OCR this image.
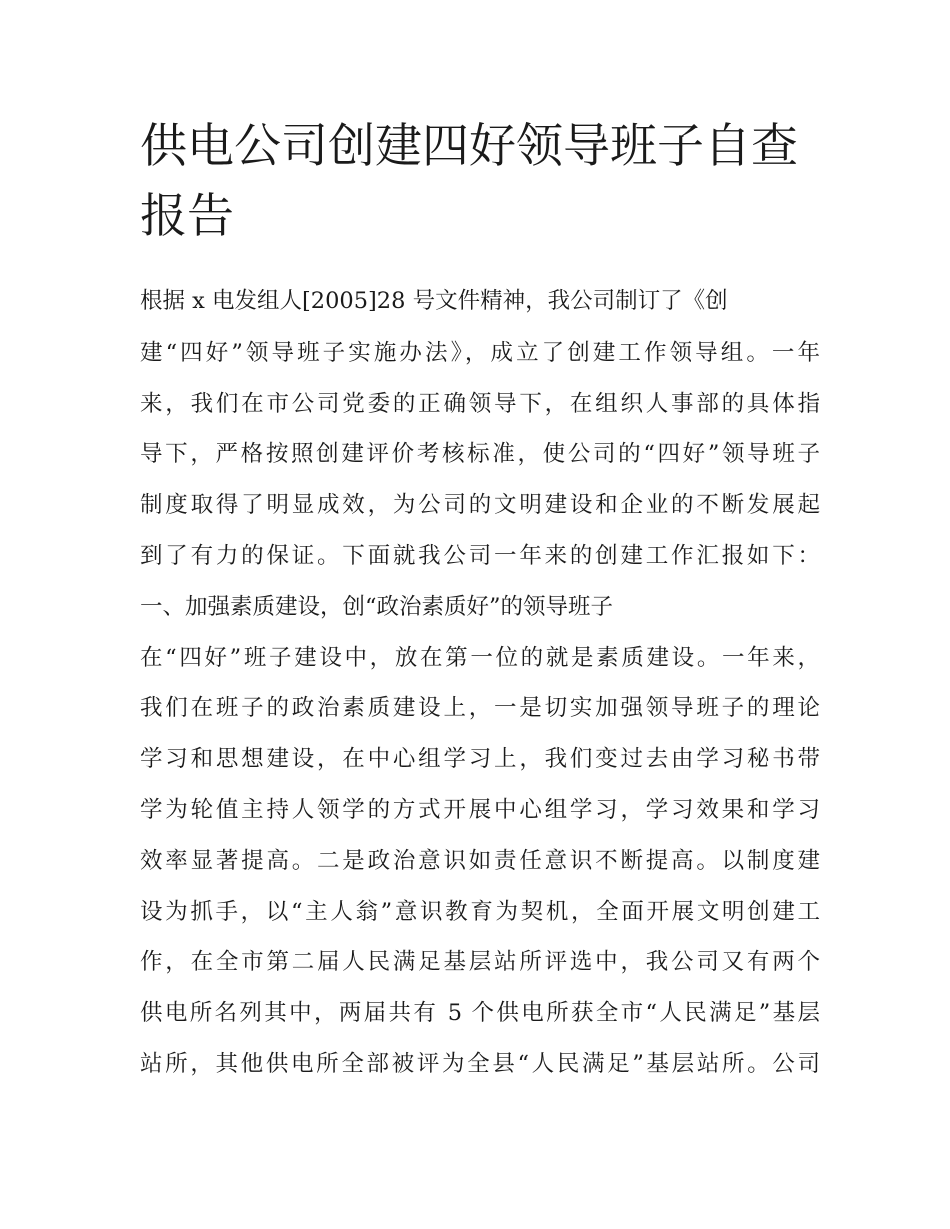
供电公司创建四好领导班子自查报告

根据 x 电发组人[2005]28 号文件精神，我公司制订了《创

建“四好”领导班子实施办法》，成立了创建工作领导组。一年

来，我们在市公司党委的正确领导下，在组织人事部的具体指

导下，严格按照创建评价考核标准，使公司的“四好”领导班子

制度取得了明显成效，为公司的文明建设和企业的不断发展起

到了有力的保证。下面就我公司一年来的创建工作汇报如下：

一、加强素质建设，创“政治素质好”的领导班子

在“四好”班子建设中，放在第一位的就是素质建设。一年来，

我们在班子的政治素质建设上，一是切实加强领导班子的理论

学习和思想建设，在中心组学习上，我们变过去由学习秘书带

学为轮值主持人领学的方式开展中心组学习，学习效果和学习

效率显著提高。二是政治意识如责任意识不断提高。以制度建

设为抓手，以“主人翁”意识教育为契机，全面开展文明创建工

作，在全市第二届人民满足基层站所评选中，我公司又有两个

供电所名列其中，两届共有 5 个供电所获全市“人民满足”基层

站所，其他供电所全部被评为全县“人民满足”基层站所。公司
